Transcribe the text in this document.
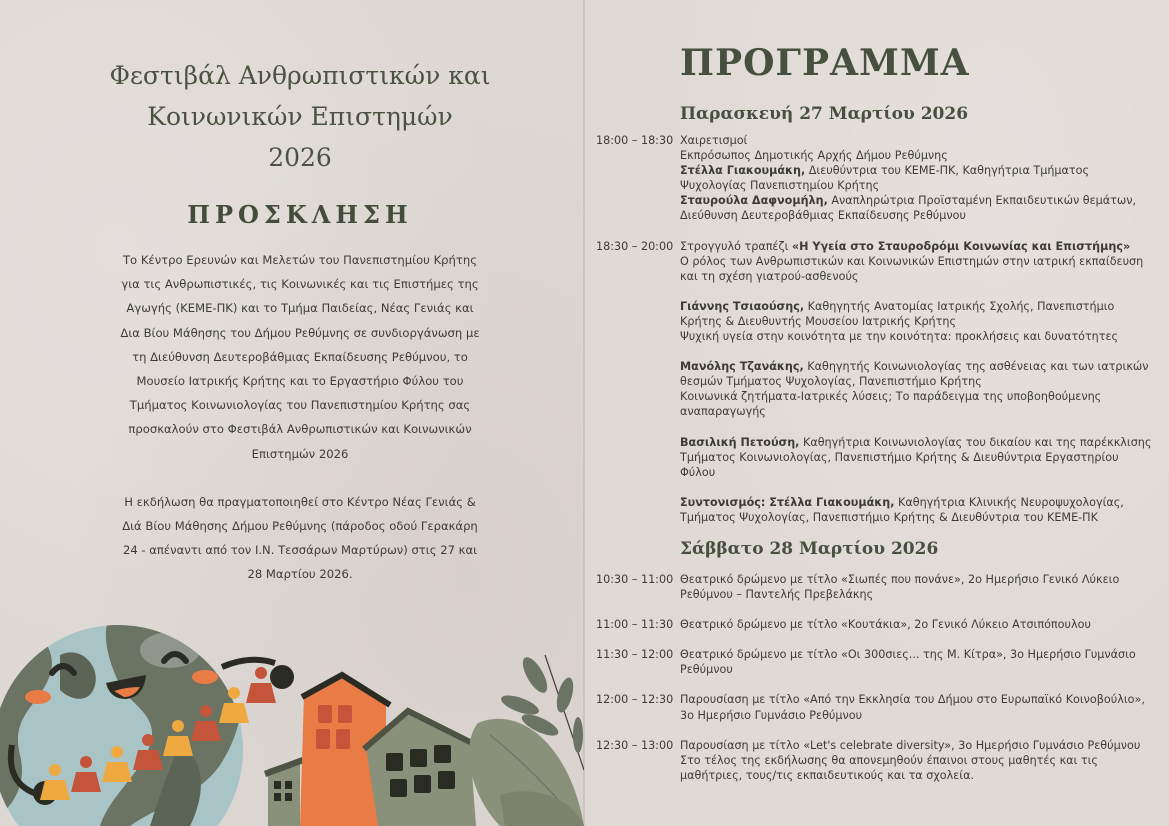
Φεστιβάλ Ανθρωπιστικών και
Κοινωνικών Επιστημών
2026
ΠΡΟΣΚΛΗΣΗ

Το Κέντρο Ερευνών και Μελετών του Πανεπιστημίου Κρήτης για τις Ανθρωπιστικές, τις Κοινωνικές και τις Επιστήμες της Αγωγής (ΚΕΜΕ-ΠΚ) και το Τμήμα Παιδείας, Νέας Γενιάς και Δια Βίου Μάθησης του Δήμου Ρεθύμνης σε συνδιοργάνωση με τη Διεύθυνση Δευτεροβάθμιας Εκπαίδευσης Ρεθύμνου, το Μουσείο Ιατρικής Κρήτης και το Εργαστήριο Φύλου του Τμήματος Κοινωνιολογίας του Πανεπιστημίου Κρήτης σας προσκαλούν στο Φεστιβάλ Ανθρωπιστικών και Κοινωνικών Επιστημών 2026

Η εκδήλωση θα πραγματοποιηθεί στο Κέντρο Νέας Γενιάς & Διά Βίου Μάθησης Δήμου Ρεθύμνης (πάροδος οδού Γερακάρη 24 - απέναντι από τον Ι.Ν. Τεσσάρων Μαρτύρων) στις 27 και 28 Μαρτίου 2026.

ΠΡΟΓΡΑΜΜΑ
Παρασκευή 27 Μαρτίου 2026
18:00 – 18:30 Χαιρετισμοί
Εκπρόσωπος Δημοτικής Αρχής Δήμου Ρεθύμνης
Στέλλα Γιακουμάκη, Διευθύντρια του ΚΕΜΕ-ΠΚ, Καθηγήτρια Τμήματος Ψυχολογίας Πανεπιστημίου Κρήτης
Σταυρούλα Δαφνομήλη, Αναπληρώτρια Προϊσταμένη Εκπαιδευτικών θεμάτων, Διεύθυνση Δευτεροβάθμιας Εκπαίδευσης Ρεθύμνου
18:30 – 20:00 Στρογγυλό τραπέζι «Η Υγεία στο Σταυροδρόμι Κοινωνίας και Επιστήμης»
Ο ρόλος των Ανθρωπιστικών και Κοινωνικών Επιστημών στην ιατρική εκπαίδευση και τη σχέση γιατρού-ασθενούς
Γιάννης Τσιαούσης, Καθηγητής Ανατομίας Ιατρικής Σχολής, Πανεπιστήμιο Κρήτης & Διευθυντής Μουσείου Ιατρικής Κρήτης
Ψυχική υγεία στην κοινότητα με την κοινότητα: προκλήσεις και δυνατότητες
Μανόλης Τζανάκης, Καθηγητής Κοινωνιολογίας της ασθένειας και των ιατρικών θεσμών Τμήματος Ψυχολογίας, Πανεπιστήμιο Κρήτης
Κοινωνικά ζητήματα-Ιατρικές λύσεις; Το παράδειγμα της υποβοηθούμενης αναπαραγωγής
Βασιλική Πετούση, Καθηγήτρια Κοινωνιολογίας του δικαίου και της παρέκκλισης Τμήματος Κοινωνιολογίας, Πανεπιστήμιο Κρήτης & Διευθύντρια Εργαστηρίου Φύλου
Συντονισμός: Στέλλα Γιακουμάκη, Καθηγήτρια Κλινικής Νευροψυχολογίας, Τμήματος Ψυχολογίας, Πανεπιστήμιο Κρήτης & Διευθύντρια του ΚΕΜΕ-ΠΚ
Σάββατο 28 Μαρτίου 2026
10:30 – 11:00 Θεατρικό δρώμενο με τίτλο «Σιωπές που πονάνε», 2ο Ημερήσιο Γενικό Λύκειο Ρεθύμνου – Παντελής Πρεβελάκης
11:00 – 11:30 Θεατρικό δρώμενο με τίτλο «Κουτάκια», 2ο Γενικό Λύκειο Ατσιπόπουλου
11:30 – 12:00 Θεατρικό δρώμενο με τίτλο «Οι 300σιες... της Μ. Κίτρα», 3ο Ημερήσιο Γυμνάσιο Ρεθύμνου
12:00 – 12:30 Παρουσίαση με τίτλο «Από την Εκκλησία του Δήμου στο Ευρωπαϊκό Κοινοβούλιο», 3ο Ημερήσιο Γυμνάσιο Ρεθύμνου
12:30 – 13:00 Παρουσίαση με τίτλο «Let's celebrate diversity», 3ο Ημερήσιο Γυμνάσιο Ρεθύμνου
Στο τέλος της εκδήλωσης θα απονεμηθούν έπαινοι στους μαθητές και τις μαθήτριες, τους/τις εκπαιδευτικούς και τα σχολεία.
